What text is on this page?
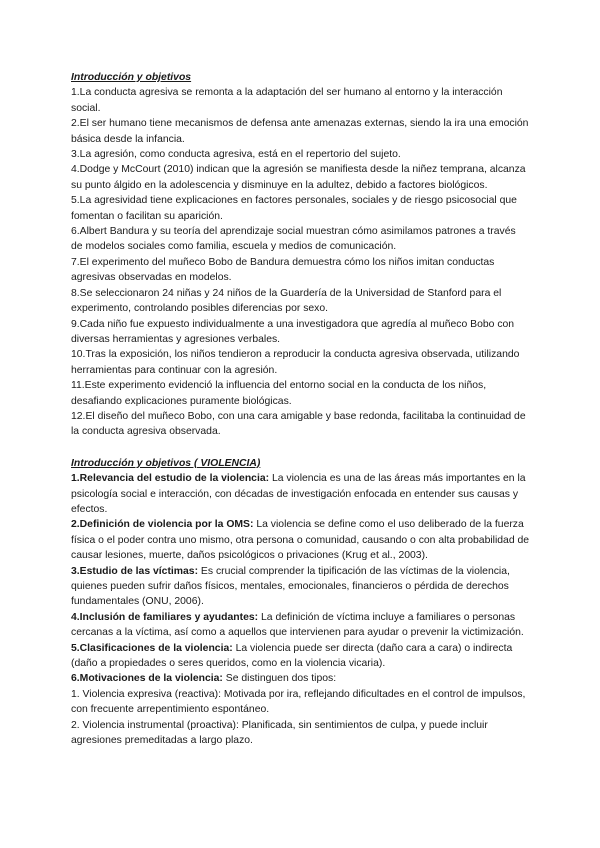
Introducción y objetivos

1.La conducta agresiva se remonta a la adaptación del ser humano al entorno y la interacción social.

2.El ser humano tiene mecanismos de defensa ante amenazas externas, siendo la ira una emoción básica desde la infancia.

3.La agresión, como conducta agresiva, está en el repertorio del sujeto.

4.Dodge y McCourt (2010) indican que la agresión se manifiesta desde la niñez temprana, alcanza su punto álgido en la adolescencia y disminuye en la adultez, debido a factores biológicos.

5.La agresividad tiene explicaciones en factores personales, sociales y de riesgo psicosocial que fomentan o facilitan su aparición.

6.Albert Bandura y su teoría del aprendizaje social muestran cómo asimilamos patrones a través de modelos sociales como familia, escuela y medios de comunicación.

7.El experimento del muñeco Bobo de Bandura demuestra cómo los niños imitan conductas agresivas observadas en modelos.

8.Se seleccionaron 24 niñas y 24 niños de la Guardería de la Universidad de Stanford para el experimento, controlando posibles diferencias por sexo.

9.Cada niño fue expuesto individualmente a una investigadora que agredía al muñeco Bobo con diversas herramientas y agresiones verbales.

10.Tras la exposición, los niños tendieron a reproducir la conducta agresiva observada, utilizando herramientas para continuar con la agresión.

11.Este experimento evidenció la influencia del entorno social en la conducta de los niños, desafiando explicaciones puramente biológicas.

12.El diseño del muñeco Bobo, con una cara amigable y base redonda, facilitaba la continuidad de la conducta agresiva observada.

Introducción y objetivos ( VIOLENCIA)

1.Relevancia del estudio de la violencia: La violencia es una de las áreas más importantes en la psicología social e interacción, con décadas de investigación enfocada en entender sus causas y efectos.

2.Definición de violencia por la OMS: La violencia se define como el uso deliberado de la fuerza física o el poder contra uno mismo, otra persona o comunidad, causando o con alta probabilidad de causar lesiones, muerte, daños psicológicos o privaciones (Krug et al., 2003).

3.Estudio de las víctimas: Es crucial comprender la tipificación de las víctimas de la violencia, quienes pueden sufrir daños físicos, mentales, emocionales, financieros o pérdida de derechos fundamentales (ONU, 2006).

4.Inclusión de familiares y ayudantes: La definición de víctima incluye a familiares o personas cercanas a la víctima, así como a aquellos que intervienen para ayudar o prevenir la victimización.

5.Clasificaciones de la violencia: La violencia puede ser directa (daño cara a cara) o indirecta (daño a propiedades o seres queridos, como en la violencia vicaria).

6.Motivaciones de la violencia: Se distinguen dos tipos:

1. Violencia expresiva (reactiva): Motivada por ira, reflejando dificultades en el control de impulsos, con frecuente arrepentimiento espontáneo.

2. Violencia instrumental (proactiva): Planificada, sin sentimientos de culpa, y puede incluir agresiones premeditadas a largo plazo.
